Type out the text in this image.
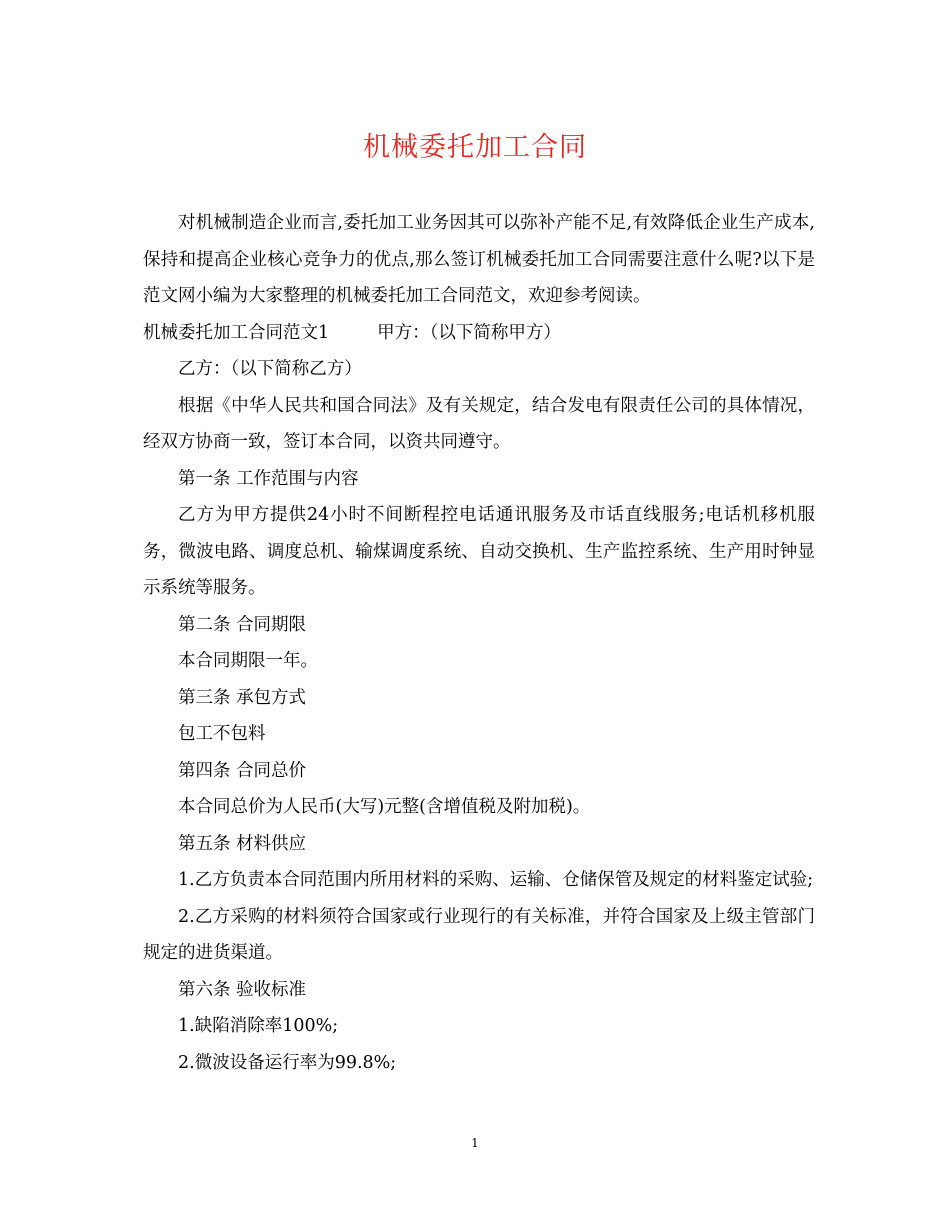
机械委托加工合同

对机械制造企业而言,委托加工业务因其可以弥补产能不足,有效降低企业生产成本,保持和提高企业核心竞争力的优点,那么签订机械委托加工合同需要注意什么呢?以下是范文网小编为大家整理的机械委托加工合同范文，欢迎参考阅读。

机械委托加工合同范文1	甲方：（以下简称甲方）

乙方：（以下简称乙方）

根据《中华人民共和国合同法》及有关规定，结合发电有限责任公司的具体情况，经双方协商一致，签订本合同，以资共同遵守。

第一条 工作范围与内容

乙方为甲方提供24小时不间断程控电话通讯服务及市话直线服务;电话机移机服务，微波电路、调度总机、输煤调度系统、自动交换机、生产监控系统、生产用时钟显示系统等服务。

第二条 合同期限

本合同期限一年。

第三条 承包方式

包工不包料

第四条 合同总价

本合同总价为人民币(大写)元整(含增值税及附加税)。

第五条 材料供应

1.乙方负责本合同范围内所用材料的采购、运输、仓储保管及规定的材料鉴定试验;

2.乙方采购的材料须符合国家或行业现行的有关标准，并符合国家及上级主管部门规定的进货渠道。

第六条 验收标准

1.缺陷消除率100%;

2.微波设备运行率为99.8%;

1
